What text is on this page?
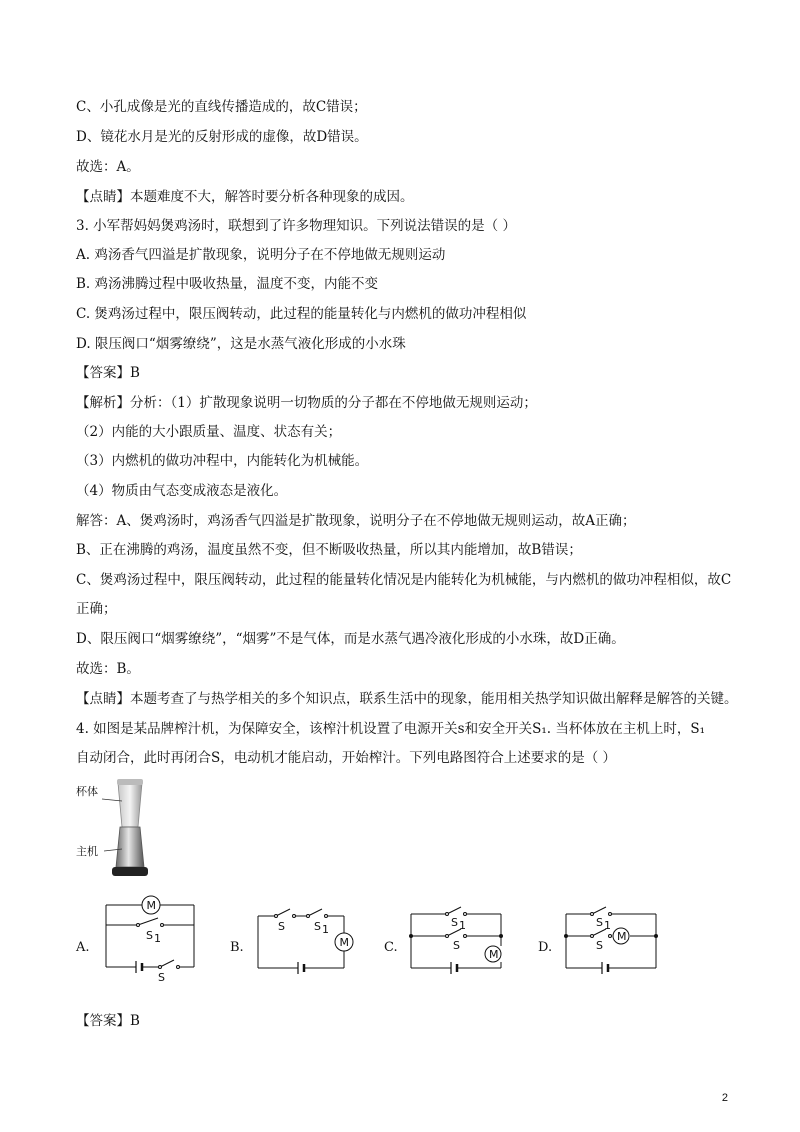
C、小孔成像是光的直线传播造成的，故C错误；
D、镜花水月是光的反射形成的虚像，故D错误。
故选：A。
【点睛】本题难度不大，解答时要分析各种现象的成因。
3. 小军帮妈妈煲鸡汤时，联想到了许多物理知识。下列说法错误的是（ ）
A. 鸡汤香气四溢是扩散现象，说明分子在不停地做无规则运动
B. 鸡汤沸腾过程中吸收热量，温度不变，内能不变
C. 煲鸡汤过程中，限压阀转动，此过程的能量转化与内燃机的做功冲程相似
D. 限压阀口“烟雾缭绕”，这是水蒸气液化形成的小水珠
【答案】B
【解析】分析：（1）扩散现象说明一切物质的分子都在不停地做无规则运动；
（2）内能的大小跟质量、温度、状态有关；
（3）内燃机的做功冲程中，内能转化为机械能。
（4）物质由气态变成液态是液化。
解答：A、煲鸡汤时，鸡汤香气四溢是扩散现象，说明分子在不停地做无规则运动，故A正确；
B、正在沸腾的鸡汤，温度虽然不变，但不断吸收热量，所以其内能增加，故B错误；
C、煲鸡汤过程中，限压阀转动，此过程的能量转化情况是内能转化为机械能，与内燃机的做功冲程相似，故C
正确；
D、限压阀口“烟雾缭绕”，“烟雾”不是气体，而是水蒸气遇冷液化形成的小水珠，故D正确。
故选：B。
【点睛】本题考查了与热学相关的多个知识点，联系生活中的现象，能用相关热学知识做出解释是解答的关键。
4. 如图是某品牌榨汁机，为保障安全，该榨汁机设置了电源开关s和安全开关S₁. 当杯体放在主机上时，S₁
自动闭合，此时再闭合S，电动机才能启动，开始榨汁。下列电路图符合上述要求的是（ ）
杯体
主机
A.
M
S 1
S
B.
S	S 1
M	C.
S 1
S
M	D.
S 1
S
M
【答案】B
2
